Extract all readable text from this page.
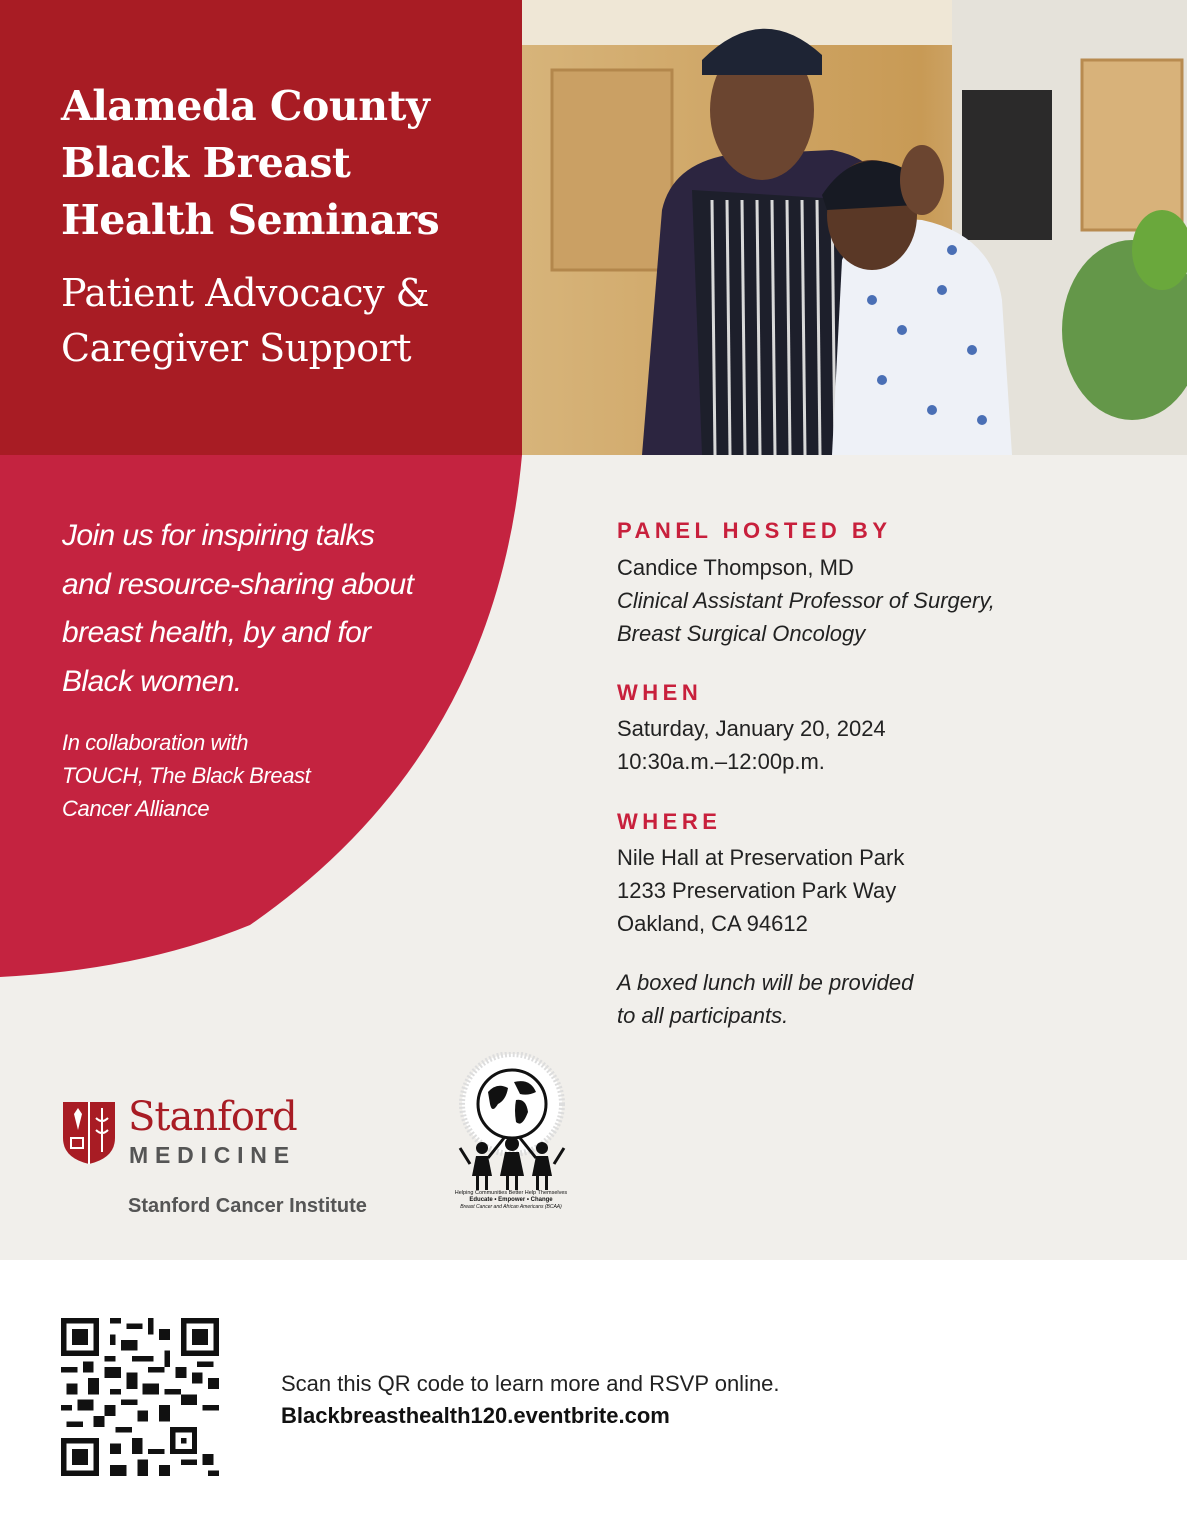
Alameda County
Black Breast
Health Seminars
Patient Advocacy &
Caregiver Support
Join us for inspiring talks
and resource-sharing about
breast health, by and for
Black women.
In collaboration with
TOUCH, The Black Breast
Cancer Alliance
PANEL HOSTED BY
Candice Thompson, MD
Clinical Assistant Professor of Surgery,
Breast Surgical Oncology
WHEN
Saturday, January 20, 2024
10:30a.m.–12:00p.m.
WHERE
Nile Hall at Preservation Park
1233 Preservation Park Way
Oakland, CA 94612
A boxed lunch will be provided
to all participants.
Stanford
MEDICINE
Stanford Cancer Institute
Helping Communities Better Help Themselves
Educate • Empower • Change
Breast Cancer and African Americans (BCAA)
Scan this QR code to learn more and RSVP online.
Blackbreasthealth120.eventbrite.com
